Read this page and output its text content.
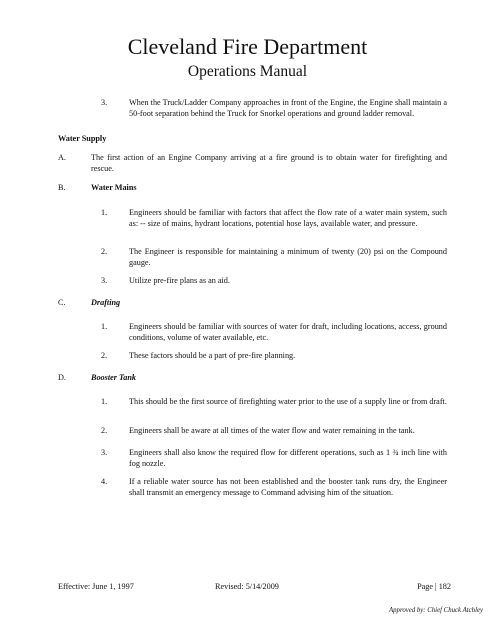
Cleveland Fire Department
Operations Manual
3.	When the Truck/Ladder Company approaches in front of the Engine, the Engine shall maintain a 50-foot separation behind the Truck for Snorkel operations and ground ladder removal.
Water Supply
A.	The first action of an Engine Company arriving at a fire ground is to obtain water for firefighting and rescue.
B.	Water Mains
1.	Engineers should be familiar with factors that affect the flow rate of a water main system, such as: -- size of mains, hydrant locations, potential hose lays, available water, and pressure.
2.	The Engineer is responsible for maintaining a minimum of twenty (20) psi on the Compound gauge.
3.	Utilize pre-fire plans as an aid.
C.	Drafting
1.	Engineers should be familiar with sources of water for draft, including locations, access, ground conditions, volume of water available, etc.
2.	These factors should be a part of pre-fire planning.
D.	Booster Tank
1.	This should be the first source of firefighting water prior to the use of a supply line or from draft.
2.	Engineers shall be aware at all times of the water flow and water remaining in the tank.
3.	Engineers shall also know the required flow for different operations, such as 1 ¾ inch line with fog nozzle.
4.	If a reliable water source has not been established and the booster tank runs dry, the Engineer shall transmit an emergency message to Command advising him of the situation.
Effective: June 1, 1997	Revised: 5/14/2009	Page | 182
Approved by: Chief Chuck Atchley
